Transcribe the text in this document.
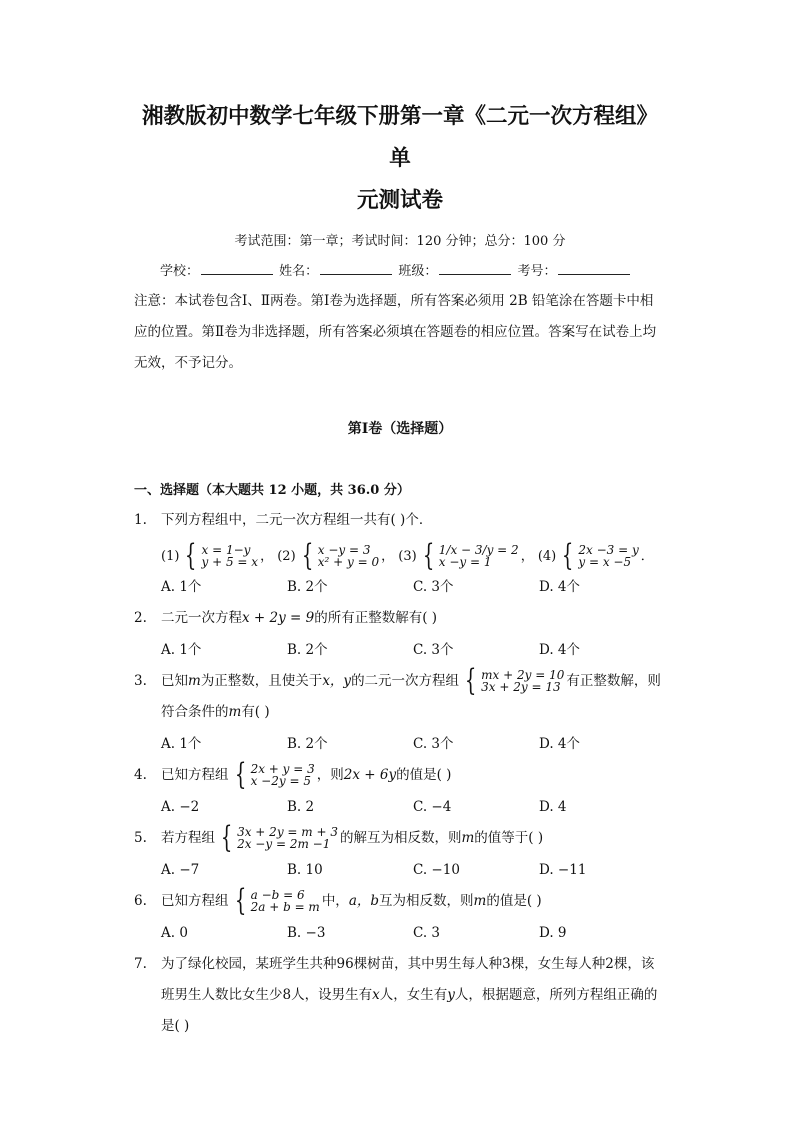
湘教版初中数学七年级下册第一章《二元一次方程组》单
元测试卷
考试范围：第一章；考试时间：120 分钟；总分：100 分
学校：	姓名：	班级：	考号：
注意：本试卷包含Ⅰ、Ⅱ两卷。第Ⅰ卷为选择题，所有答案必须用 2B 铅笔涂在答题卡中相应的位置。第Ⅱ卷为非选择题，所有答案必须填在答题卷的相应位置。答案写在试卷上均无效，不予记分。
第Ⅰ卷（选择题）
一、选择题（本大题共 12 小题，共 36.0 分）
1. 下列方程组中，二元一次方程组一共有( )个．
(1) { x = 1−y
y + 5 = x ， (2) { x −y = 3
x² + y = 0 ， (3) { 1/x − 3/y = 2
x −y = 1	， (4) { 2x −3 = y
y = x −5 ．
A. 1个	B. 2个	C. 3个	D. 4个
2. 二元一次方程x + 2y = 9的所有正整数解有( )
A. 1个	B. 2个	C. 3个	D. 4个
3. 已知m为正整数，且使关于x，y的二元一次方程组 { mx + 2y = 10
3x + 2y = 13 有正整数解，则符合条件的m有( )
A. 1个	B. 2个	C. 3个	D. 4个
4. 已知方程组 { 2x + y = 3
x −2y = 5 ，则2x + 6y的值是( )
A. −2	B. 2	C. −4	D. 4
5. 若方程组 { 3x + 2y = m + 3
2x −y = 2m −1 的解互为相反数，则m的值等于( )
A. −7	B. 10	C. −10	D. −11
6. 已知方程组 { a −b = 6
2a + b = m 中，a，b互为相反数，则m的值是( )
A. 0	B. −3	C. 3	D. 9
7. 为了绿化校园，某班学生共种96棵树苗，其中男生每人种3棵，女生每人种2棵，该班男生人数比女生少8人，设男生有x人，女生有y人，根据题意，所列方程组正确的是( )
